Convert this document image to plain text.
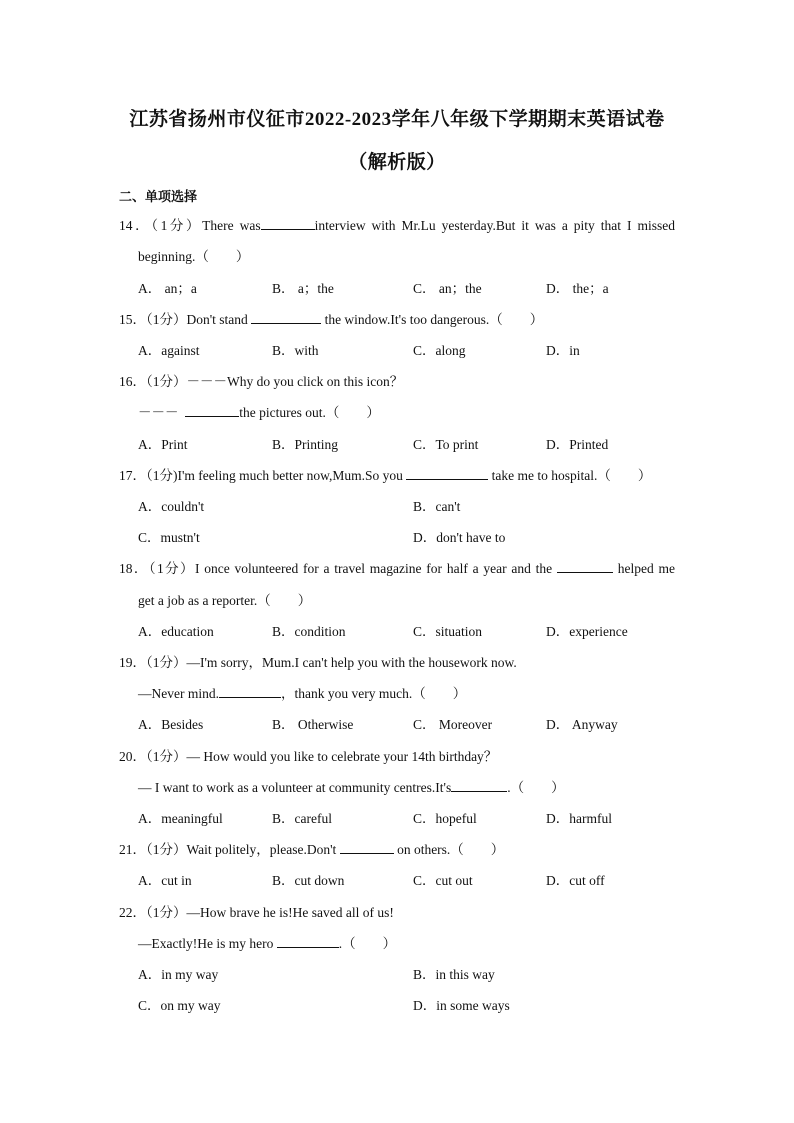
江苏省扬州市仪征市2022-2023学年八年级下学期期末英语试卷
（解析版）
二、单项选择
14．（1分）There was	interview with Mr.Lu yesterday.But it was a pity that I missed
beginning.（　　）
A． an；a	B． a；the	C． an；the	D． the；a
15．（1分）Don't stand	the window.It's too dangerous.（　　）
A．against	B．with	C．along	D．in
16．（1分）－－－Why do you click on this icon？
－－－	the pictures out.（　　）
A．Print	B．Printing	C．To print	D．Printed
17．（1分)I'm feeling much better now,Mum.So you	take me to hospital.（　　）
A．couldn't	B．can't
C．mustn't	D．don't have to
18．（1分）I once volunteered for a travel magazine for half a year and the	helped me
get a job as a reporter.（　　）
A．education	B．condition	C．situation	D．experience
19．（1分）—I'm sorry，Mum.I can't help you with the housework now.
—Never mind.	，thank you very much.（　　）
A．Besides	B． Otherwise	C． Moreover	D． Anyway
20．（1分）— How would you like to celebrate your 14th birthday？
— I want to work as a volunteer at community centres.It's	.（　　）
A．meaningful	B．careful	C．hopeful	D．harmful
21．（1分）Wait politely，please.Don't	on others.（　　）
A．cut in	B．cut down	C．cut out	D．cut off
22．（1分）—How brave he is!He saved all of us!
—Exactly!He is my hero	.（　　）
A．in my way	B．in this way
C．on my way	D．in some ways
